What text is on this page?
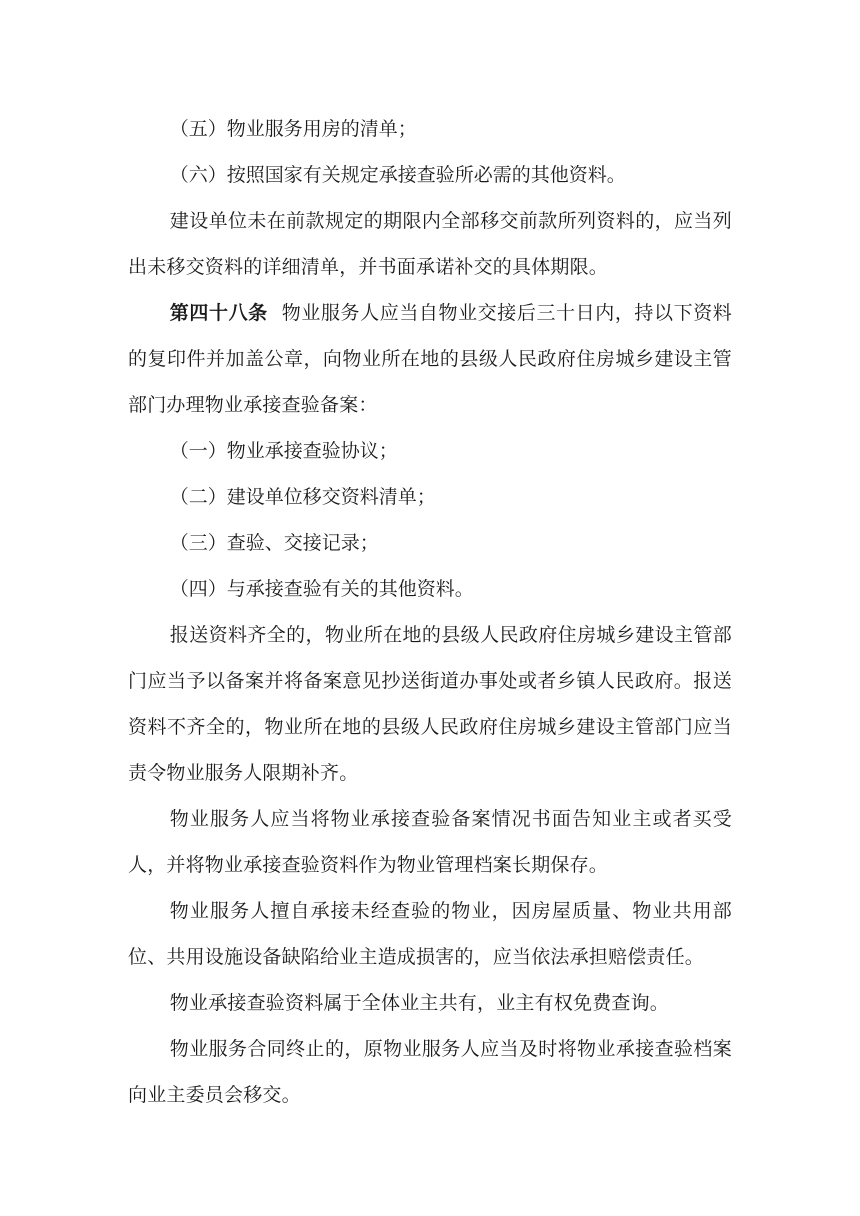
（五）物业服务用房的清单；

（六）按照国家有关规定承接查验所必需的其他资料。

建设单位未在前款规定的期限内全部移交前款所列资料的，应当列出未移交资料的详细清单，并书面承诺补交的具体期限。

第四十八条 物业服务人应当自物业交接后三十日内，持以下资料的复印件并加盖公章，向物业所在地的县级人民政府住房城乡建设主管部门办理物业承接查验备案：

（一）物业承接查验协议；

（二）建设单位移交资料清单；

（三）查验、交接记录；

（四）与承接查验有关的其他资料。

报送资料齐全的，物业所在地的县级人民政府住房城乡建设主管部门应当予以备案并将备案意见抄送街道办事处或者乡镇人民政府。报送资料不齐全的，物业所在地的县级人民政府住房城乡建设主管部门应当责令物业服务人限期补齐。

物业服务人应当将物业承接查验备案情况书面告知业主或者买受人，并将物业承接查验资料作为物业管理档案长期保存。

物业服务人擅自承接未经查验的物业，因房屋质量、物业共用部位、共用设施设备缺陷给业主造成损害的，应当依法承担赔偿责任。

物业承接查验资料属于全体业主共有，业主有权免费查询。

物业服务合同终止的，原物业服务人应当及时将物业承接查验档案向业主委员会移交。
